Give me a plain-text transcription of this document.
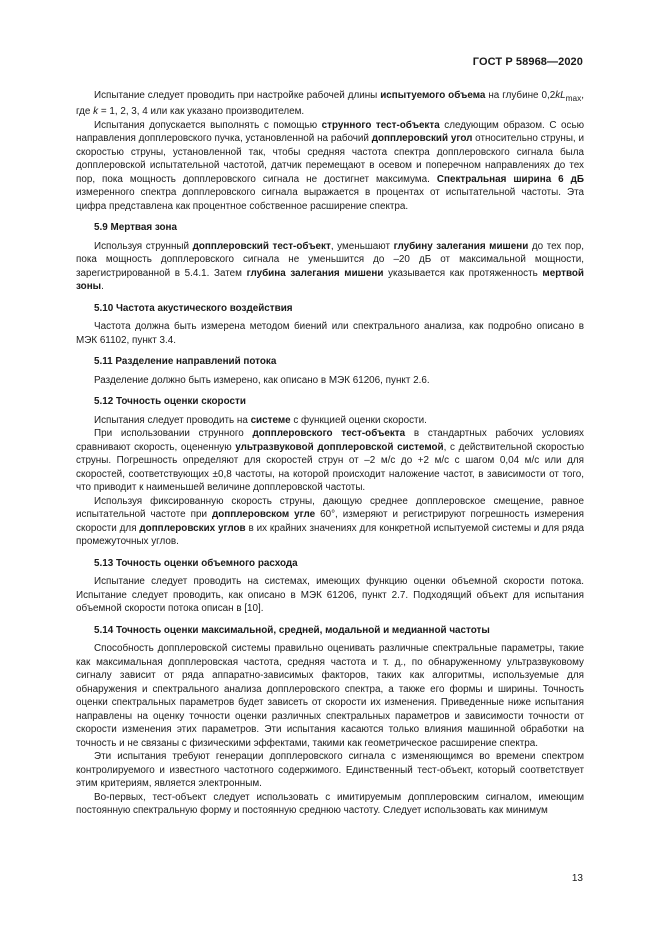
ГОСТ Р 58968—2020

Испытание следует проводить при настройке рабочей длины испытуемого объема на глубине $0,2kL_{max}$, где k = 1, 2, 3, 4 или как указано производителем.

Испытания допускается выполнять с помощью струнного тест-объекта следующим образом. С осью направления допплеровского пучка, установленной на рабочий допплеровский угол относительно струны, и скоростью струны, установленной так, чтобы средняя частота спектра допплеровского сигнала была допплеровской испытательной частотой, датчик перемещают в осевом и поперечном направлениях до тех пор, пока мощность допплеровского сигнала не достигнет максимума. Спектральная ширина 6 дБ измеренного спектра допплеровского сигнала выражается в процентах от испытательной частоты. Эта цифра представлена как процентное собственное расширение спектра.

5.9 Мертвая зона

Используя струнный допплеровский тест-объект, уменьшают глубину залегания мишени до тех пор, пока мощность допплеровского сигнала не уменьшится до –20 дБ от максимальной мощности, зарегистрированной в 5.4.1. Затем глубина залегания мишени указывается как протяженность мертвой зоны.

5.10 Частота акустического воздействия

Частота должна быть измерена методом биений или спектрального анализа, как подробно описано в МЭК 61102, пункт 3.4.

5.11 Разделение направлений потока

Разделение должно быть измерено, как описано в МЭК 61206, пункт 2.6.

5.12 Точность оценки скорости

Испытания следует проводить на системе с функцией оценки скорости.

При использовании струнного допплеровского тест-объекта в стандартных рабочих условиях сравнивают скорость, оцененную ультразвуковой допплеровской системой, с действительной скоростью струны. Погрешность определяют для скоростей струн от –2 м/с до +2 м/с с шагом 0,04 м/с или для скоростей, соответствующих ±0,8 частоты, на которой происходит наложение частот, в зависимости от того, что приводит к наименьшей величине допплеровской частоты.

Используя фиксированную скорость струны, дающую среднее допплеровское смещение, равное испытательной частоте при допплеровском угле 60°, измеряют и регистрируют погрешность измерения скорости для допплеровских углов в их крайних значениях для конкретной испытуемой системы и для ряда промежуточных углов.

5.13 Точность оценки объемного расхода

Испытание следует проводить на системах, имеющих функцию оценки объемной скорости потока. Испытание следует проводить, как описано в МЭК 61206, пункт 2.7. Подходящий объект для испытания объемной скорости потока описан в [10].

5.14 Точность оценки максимальной, средней, модальной и медианной частоты

Способность допплеровской системы правильно оценивать различные спектральные параметры, такие как максимальная допплеровская частота, средняя частота и т. д., по обнаруженному ультразвуковому сигналу зависит от ряда аппаратно-зависимых факторов, таких как алгоритмы, используемые для обнаружения и спектрального анализа допплеровского спектра, а также его формы и ширины. Точность оценки спектральных параметров будет зависеть от скорости их изменения. Приведенные ниже испытания направлены на оценку точности оценки различных спектральных параметров и зависимости точности от скорости изменения этих параметров. Эти испытания касаются только влияния машинной обработки на точность и не связаны с физическими эффектами, такими как геометрическое расширение спектра.

Эти испытания требуют генерации допплеровского сигнала с изменяющимся во времени спектром контролируемого и известного частотного содержимого. Единственный тест-объект, который соответствует этим критериям, является электронным.

Во-первых, тест-объект следует использовать с имитируемым допплеровским сигналом, имеющим постоянную спектральную форму и постоянную среднюю частоту. Следует использовать как минимум

13
